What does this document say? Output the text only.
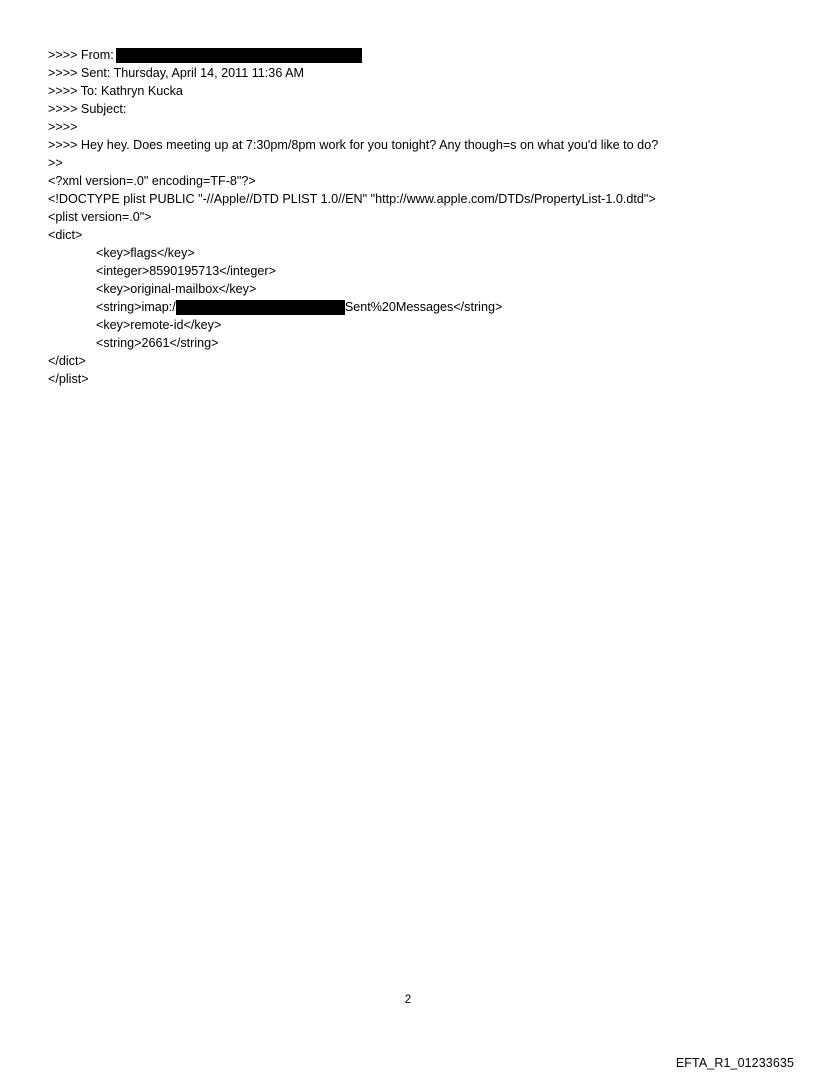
>>>> From:
>>>> Sent: Thursday, April 14, 2011 11:36 AM
>>>> To: Kathryn Kucka
>>>> Subject:
>>>>
>>>> Hey hey. Does meeting up at 7:30pm/8pm work for you tonight? Any though=s on what you'd like to do?
>>
<?xml version=.0" encoding=TF-8"?>
<!DOCTYPE plist PUBLIC "-//Apple//DTD PLIST 1.0//EN" "http://www.apple.com/DTDs/PropertyList-1.0.dtd">
<plist version=.0">
<dict>
<key>flags</key>
<integer>8590195713</integer>
<key>original-mailbox</key>
<string>imap:/	Sent%20Messages</string>
<key>remote-id</key>
<string>2661</string>
</dict>
</plist>
2
EFTA_R1_01233635
